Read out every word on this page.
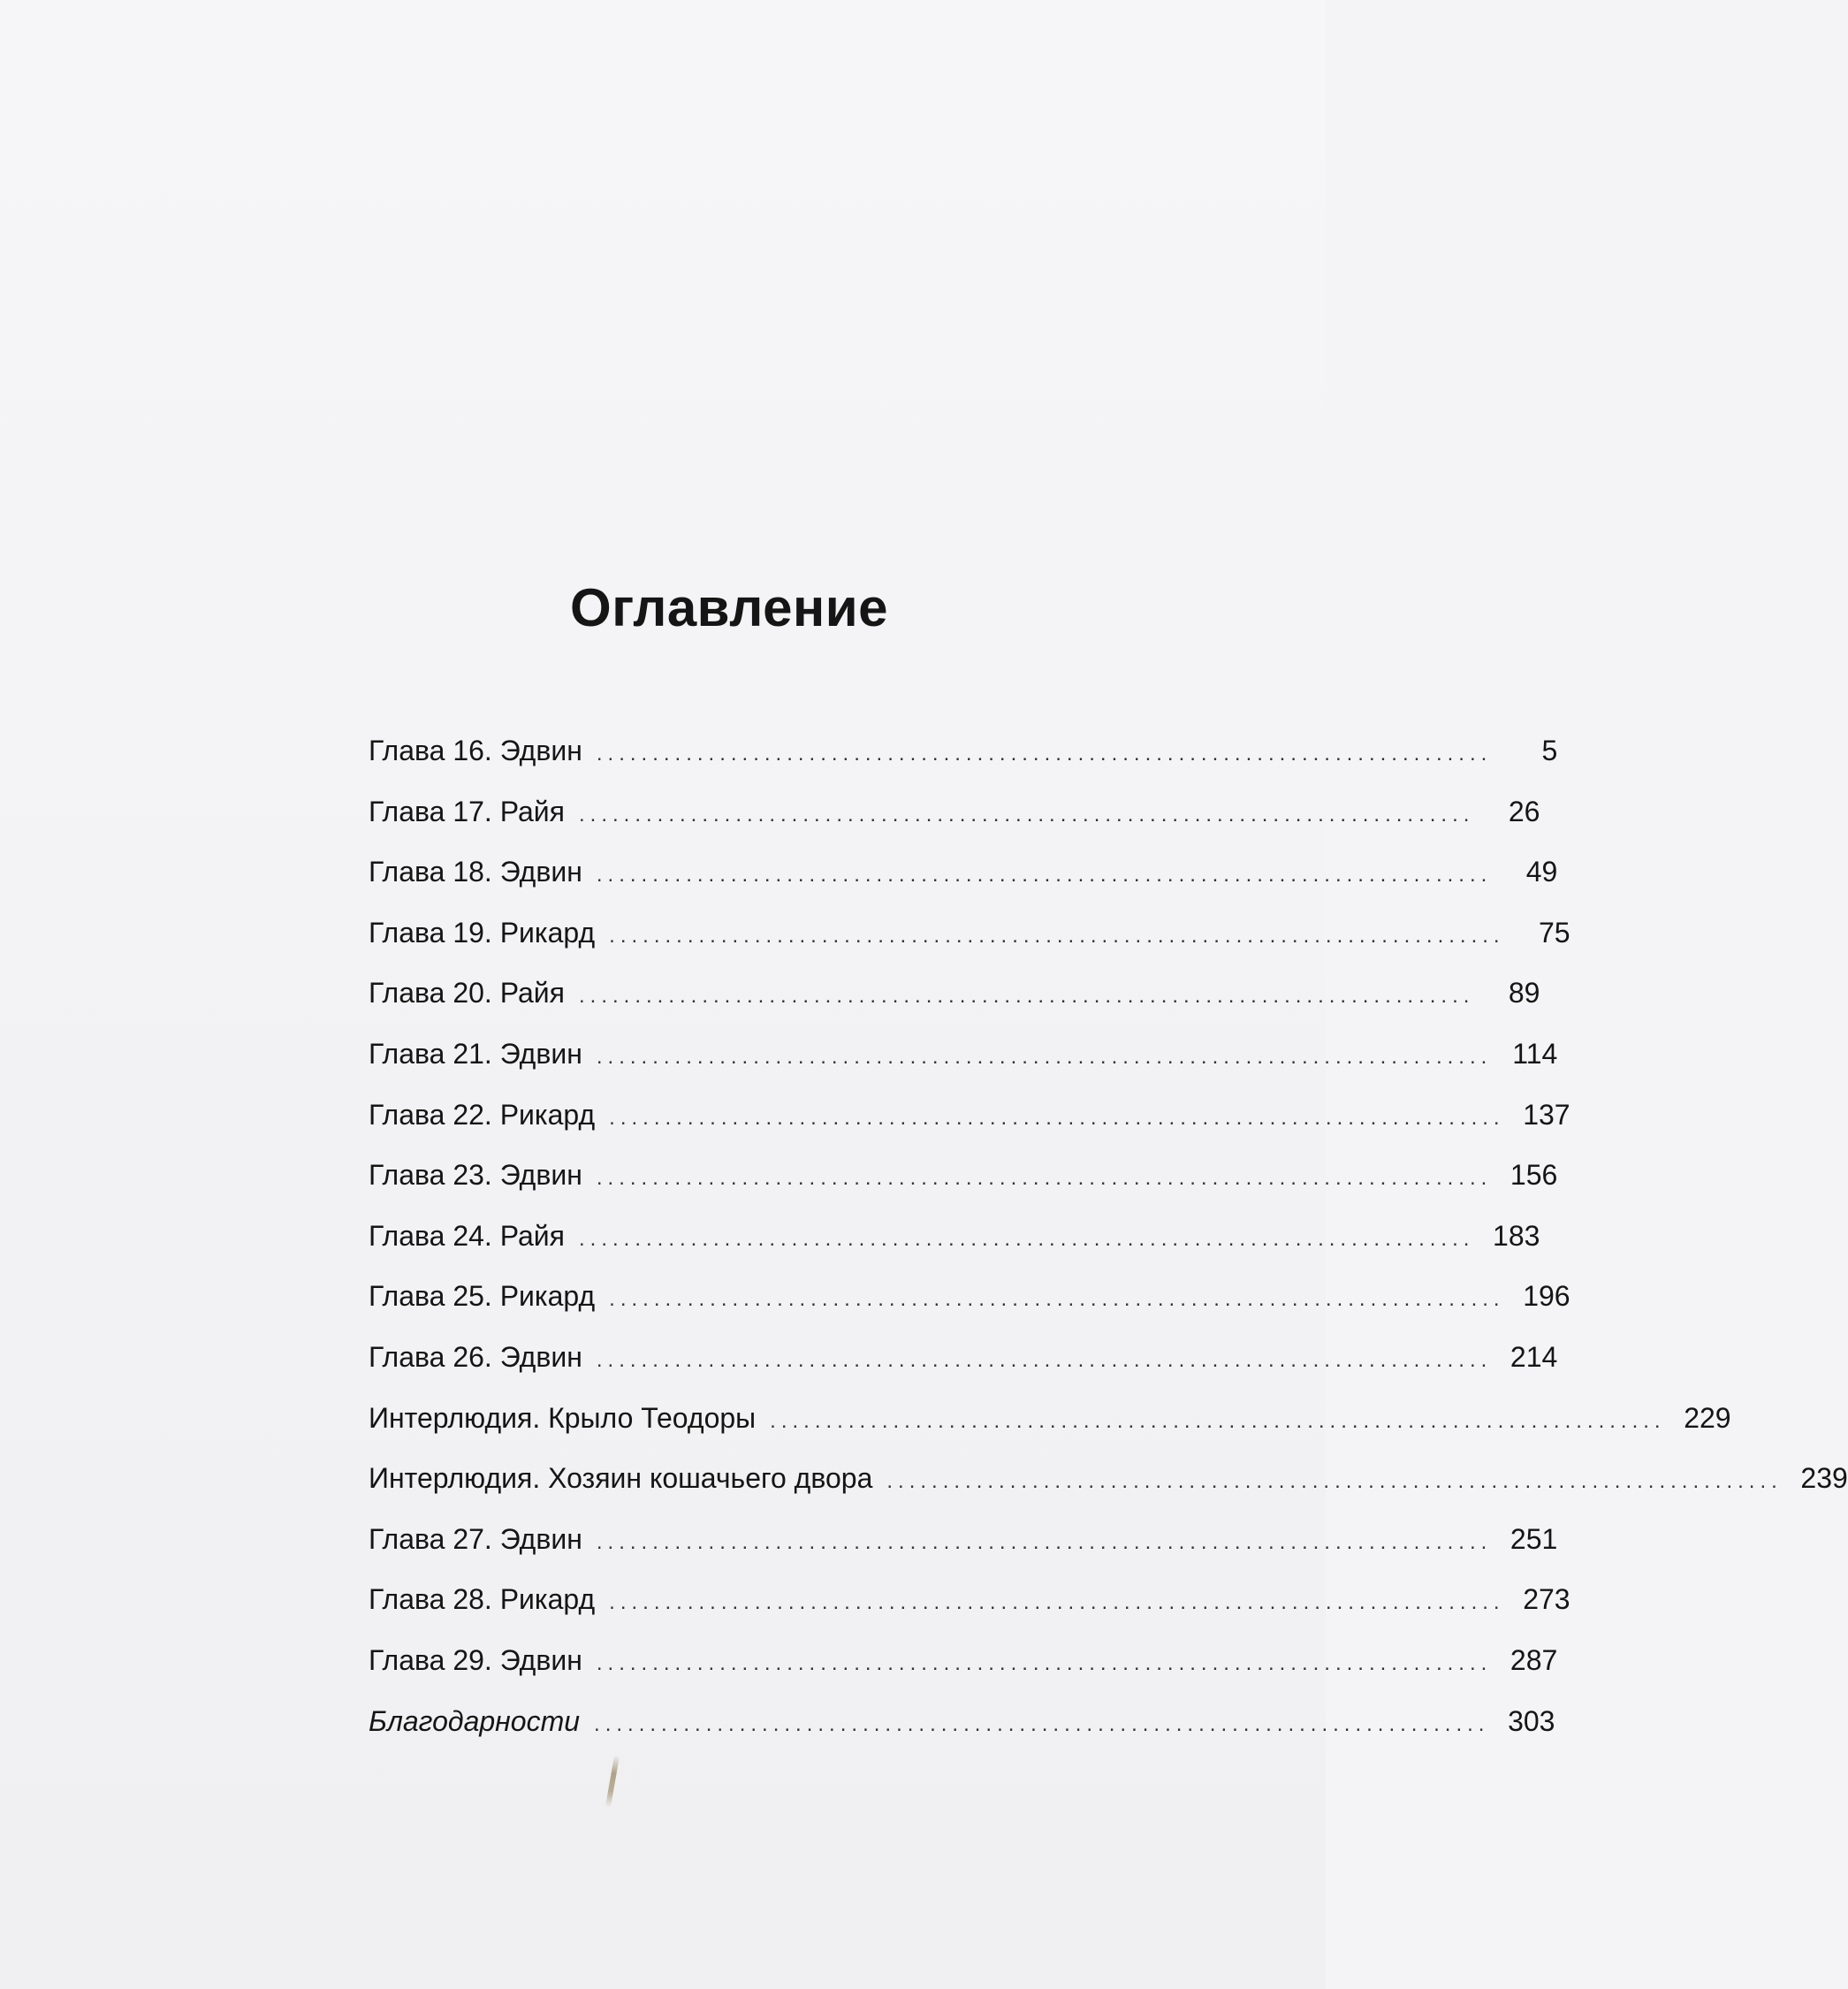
Оглавление
Глава 16. Эдвин ................................................................................	5
Глава 17. Райя ................................................................................	26
Глава 18. Эдвин ................................................................................	49
Глава 19. Рикард ................................................................................	75
Глава 20. Райя ................................................................................	89
Глава 21. Эдвин ................................................................................ 114
Глава 22. Рикард ................................................................................ 137
Глава 23. Эдвин ................................................................................ 156
Глава 24. Райя ................................................................................ 183
Глава 25. Рикард ................................................................................ 196
Глава 26. Эдвин ................................................................................ 214
Интерлюдия. Крыло Теодоры ................................................................................ 229
Интерлюдия. Хозяин кошачьего двора ................................................................................ 239
Глава 27. Эдвин ................................................................................ 251
Глава 28. Рикард ................................................................................ 273
Глава 29. Эдвин ................................................................................ 287
Благодарности ................................................................................ 303
